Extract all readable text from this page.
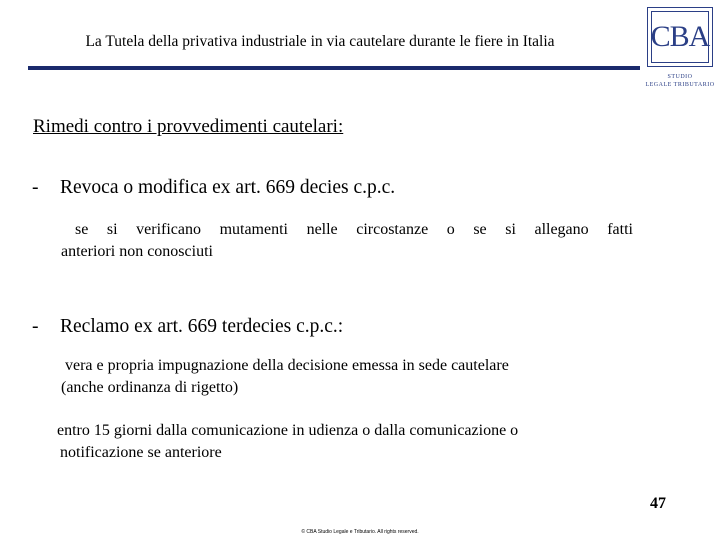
La Tutela della privativa industriale in via cautelare durante le fiere in Italia	CBA
STUDIO
LEGALE TRIBUTARIO
Rimedi contro i provvedimenti cautelari:
- Revoca o modifica ex art. 669 decies c.p.c.
se si verificano mutamenti nelle circostanze o se si allegano fatti
anteriori non conosciuti
- Reclamo ex art. 669 terdecies c.p.c.:
vera e propria impugnazione della decisione emessa in sede cautelare
(anche ordinanza di rigetto)
entro 15 giorni dalla comunicazione in udienza o dalla comunicazione o
notificazione se anteriore
47
© CBA Studio Legale e Tributario. All rights reserved.
